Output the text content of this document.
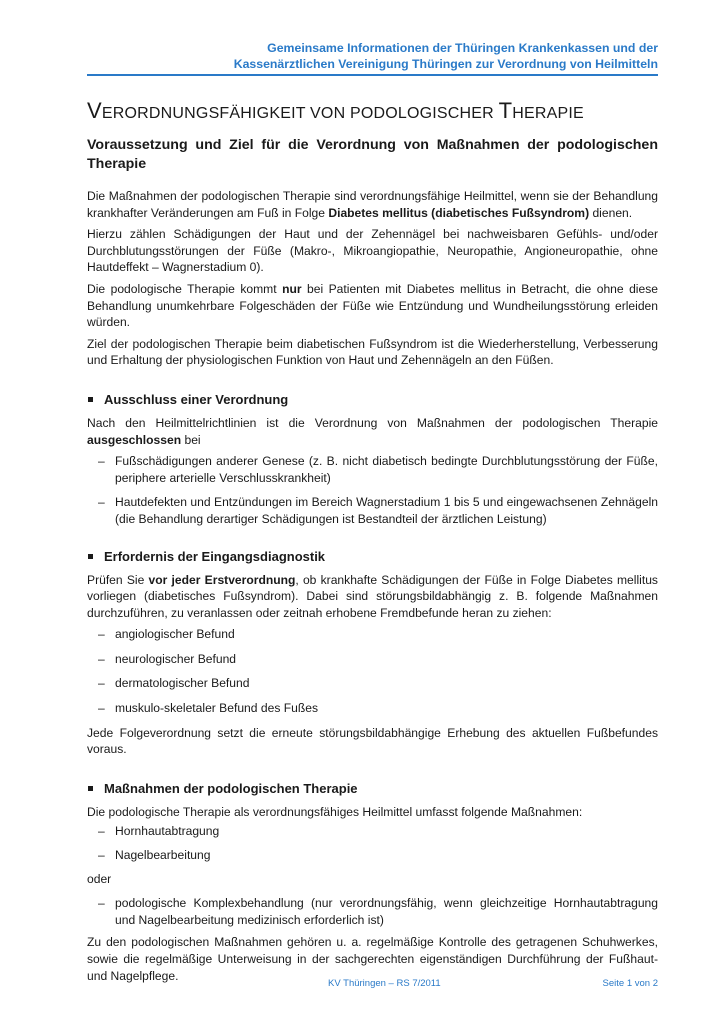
Gemeinsame Informationen der Thüringen Krankenkassen und der
Kassenärztlichen Vereinigung Thüringen zur Verordnung von Heilmitteln
VERORDNUNGSFÄHIGKEIT VON PODOLOGISCHER THERAPIE
Voraussetzung und Ziel für die Verordnung von Maßnahmen der podologischen Therapie

Die Maßnahmen der podologischen Therapie sind verordnungsfähige Heilmittel, wenn sie der Behandlung krankhafter Veränderungen am Fuß in Folge Diabetes mellitus (diabetisches Fußsyndrom) dienen.

Hierzu zählen Schädigungen der Haut und der Zehennägel bei nachweisbaren Gefühls- und/oder Durchblutungsstörungen der Füße (Makro-, Mikroangiopathie, Neuropathie, Angioneuropathie, ohne Hautdeffekt – Wagnerstadium 0).

Die podologische Therapie kommt nur bei Patienten mit Diabetes mellitus in Betracht, die ohne diese Behandlung unumkehrbare Folgeschäden der Füße wie Entzündung und Wundheilungsstörung erleiden würden.

Ziel der podologischen Therapie beim diabetischen Fußsyndrom ist die Wiederherstellung, Verbesserung und Erhaltung der physiologischen Funktion von Haut und Zehennägeln an den Füßen.

Ausschluss einer Verordnung

Nach den Heilmittelrichtlinien ist die Verordnung von Maßnahmen der podologischen Therapie ausgeschlossen bei

– Fußschädigungen anderer Genese (z. B. nicht diabetisch bedingte Durchblutungsstörung der Füße, periphere arterielle Verschlusskrankheit)
– Hautdefekten und Entzündungen im Bereich Wagnerstadium 1 bis 5 und eingewachsenen Zehnägeln (die Behandlung derartiger Schädigungen ist Bestandteil der ärztlichen Leistung)
Erfordernis der Eingangsdiagnostik

Prüfen Sie vor jeder Erstverordnung, ob krankhafte Schädigungen der Füße in Folge Diabetes mellitus vorliegen (diabetisches Fußsyndrom). Dabei sind störungsbildabhängig z. B. folgende Maßnahmen durchzuführen, zu veranlassen oder zeitnah erhobene Fremdbefunde heran zu ziehen:

– angiologischer Befund
– neurologischer Befund
– dermatologischer Befund
– muskulo-skeletaler Befund des Fußes

Jede Folgeverordnung setzt die erneute störungsbildabhängige Erhebung des aktuellen Fußbefundes voraus.

Maßnahmen der podologischen Therapie

Die podologische Therapie als verordnungsfähiges Heilmittel umfasst folgende Maßnahmen:

– Hornhautabtragung
– Nagelbearbeitung

oder

– podologische Komplexbehandlung (nur verordnungsfähig, wenn gleichzeitige Hornhautabtragung und Nagelbearbeitung medizinisch erforderlich ist)

Zu den podologischen Maßnahmen gehören u. a. regelmäßige Kontrolle des getragenen Schuhwerkes, sowie die regelmäßige Unterweisung in der sachgerechten eigenständigen Durchführung der Fußhaut- und Nagelpflege.

KV Thüringen – RS 7/2011	Seite 1 von 2
